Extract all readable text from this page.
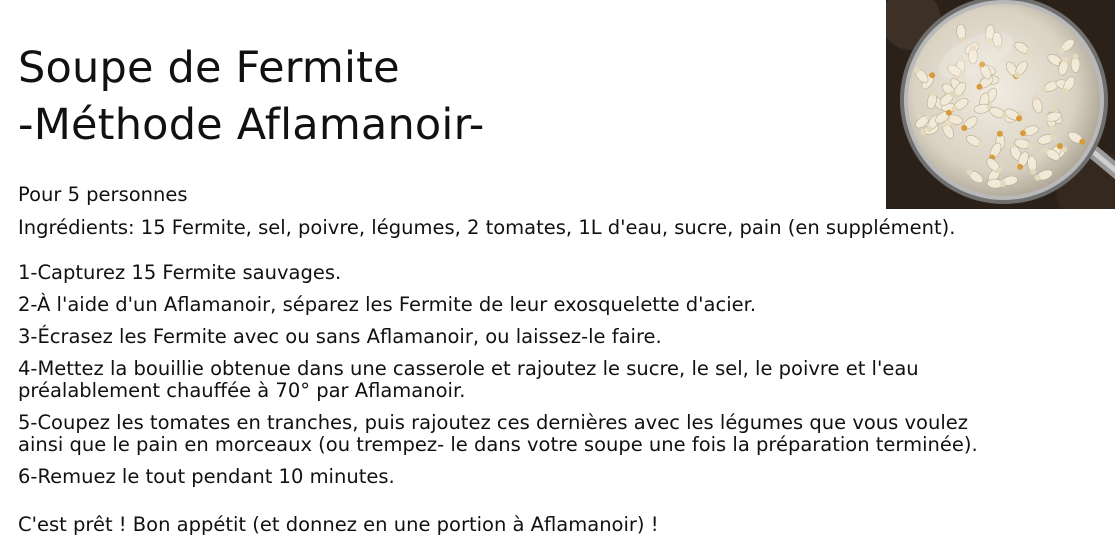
Soupe de Fermite
-Méthode Aflamanoir-
Pour 5 personnes
Ingrédients: 15 Fermite, sel, poivre, légumes, 2 tomates, 1L d'eau, sucre, pain (en supplément).
1-Capturez 15 Fermite sauvages.
2-À l'aide d'un Aflamanoir, séparez les Fermite de leur exosquelette d'acier.
3-Écrasez les Fermite avec ou sans Aflamanoir, ou laissez-le faire.
4-Mettez la bouillie obtenue dans une casserole et rajoutez le sucre, le sel, le poivre et l'eau préalablement chauffée à 70° par Aflamanoir.
5-Coupez les tomates en tranches, puis rajoutez ces dernières avec les légumes que vous voulez ainsi que le pain en morceaux (ou trempez- le dans votre soupe une fois la préparation terminée).
6-Remuez le tout pendant 10 minutes.
C'est prêt ! Bon appétit (et donnez en une portion à Aflamanoir) !
